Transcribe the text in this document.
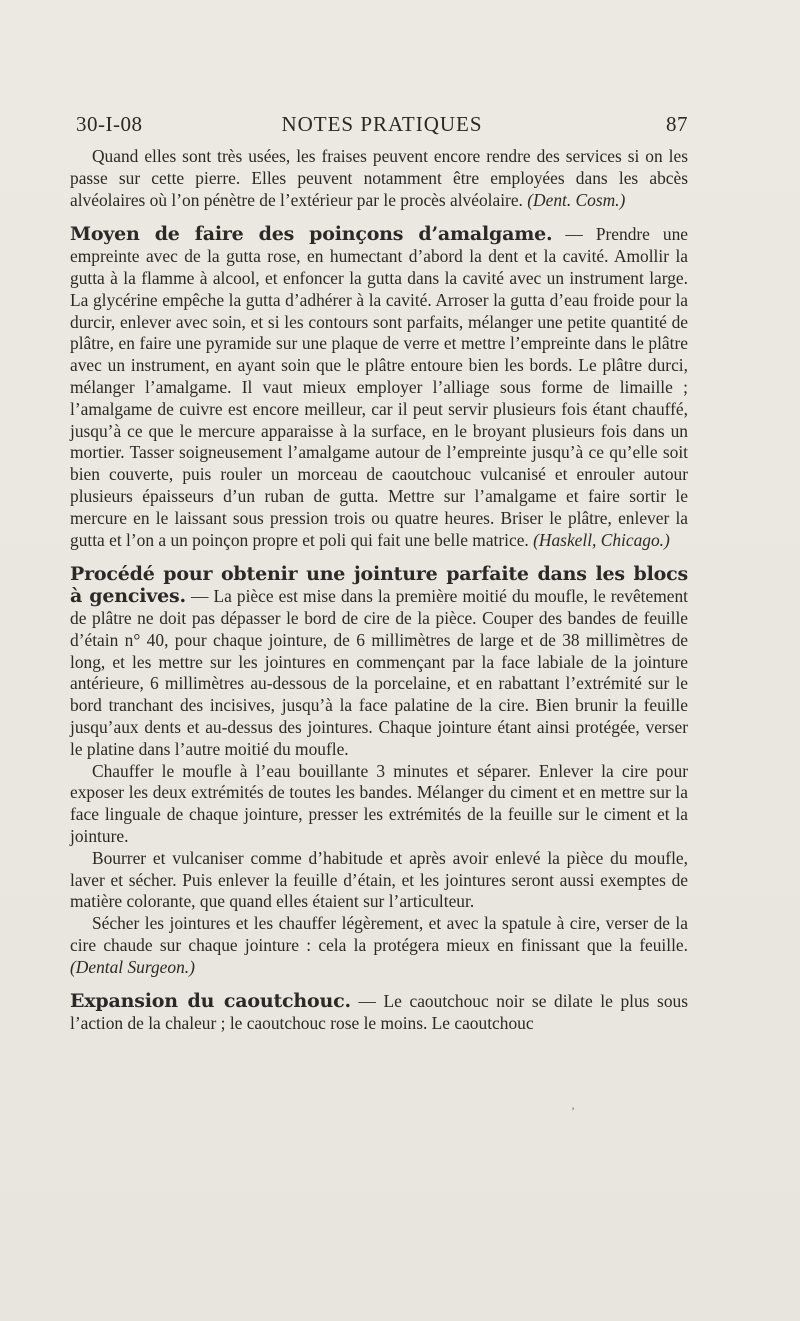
30-I-08	NOTES PRATIQUES	87

Quand elles sont très usées, les fraises peuvent encore rendre des services si on les passe sur cette pierre. Elles peuvent notamment être employées dans les abcès alvéolaires où l’on pénètre de l’extérieur par le procès alvéolaire. (Dent. Cosm.)

Moyen de faire des poinçons d’amalgame. — Prendre une empreinte avec de la gutta rose, en humectant d’abord la dent et la cavité. Amollir la gutta à la flamme à alcool, et enfoncer la gutta dans la cavité avec un instrument large. La glycérine empêche la gutta d’adhérer à la cavité. Arroser la gutta d’eau froide pour la durcir, enlever avec soin, et si les contours sont parfaits, mélanger une petite quantité de plâtre, en faire une pyramide sur une plaque de verre et mettre l’empreinte dans le plâtre avec un instrument, en ayant soin que le plâtre entoure bien les bords. Le plâtre durci, mélanger l’amalgame. Il vaut mieux employer l’alliage sous forme de limaille ; l’amalgame de cuivre est encore meilleur, car il peut servir plusieurs fois étant chauffé, jusqu’à ce que le mercure apparaisse à la surface, en le broyant plusieurs fois dans un mortier. Tasser soigneusement l’amalgame autour de l’empreinte jusqu’à ce qu’elle soit bien couverte, puis rouler un morceau de caoutchouc vulcanisé et enrouler autour plusieurs épaisseurs d’un ruban de gutta. Mettre sur l’amalgame et faire sortir le mercure en le laissant sous pression trois ou quatre heures. Briser le plâtre, enlever la gutta et l’on a un poinçon propre et poli qui fait une belle matrice. (Haskell, Chicago.)

Procédé pour obtenir une jointure parfaite dans les blocs à gencives. — La pièce est mise dans la première moitié du moufle, le revêtement de plâtre ne doit pas dépasser le bord de cire de la pièce. Couper des bandes de feuille d’étain n° 40, pour chaque jointure, de 6 millimètres de large et de 38 millimètres de long, et les mettre sur les jointures en commençant par la face labiale de la jointure antérieure, 6 millimètres au-dessous de la porcelaine, et en rabattant l’extrémité sur le bord tranchant des incisives, jusqu’à la face palatine de la cire. Bien brunir la feuille jusqu’aux dents et au-dessus des jointures. Chaque jointure étant ainsi protégée, verser le platine dans l’autre moitié du moufle.

Chauffer le moufle à l’eau bouillante 3 minutes et séparer. Enlever la cire pour exposer les deux extrémités de toutes les bandes. Mélanger du ciment et en mettre sur la face linguale de chaque jointure, presser les extrémités de la feuille sur le ciment et la jointure.

Bourrer et vulcaniser comme d’habitude et après avoir enlevé la pièce du moufle, laver et sécher. Puis enlever la feuille d’étain, et les jointures seront aussi exemptes de matière colorante, que quand elles étaient sur l’articulteur.

Sécher les jointures et les chauffer légèrement, et avec la spatule à cire, verser de la cire chaude sur chaque jointure : cela la protégera mieux en finissant que la feuille. (Dental Surgeon.)

Expansion du caoutchouc. — Le caoutchouc noir se dilate le plus sous l’action de la chaleur ; le caoutchouc rose le moins. Le caoutchouc

’
